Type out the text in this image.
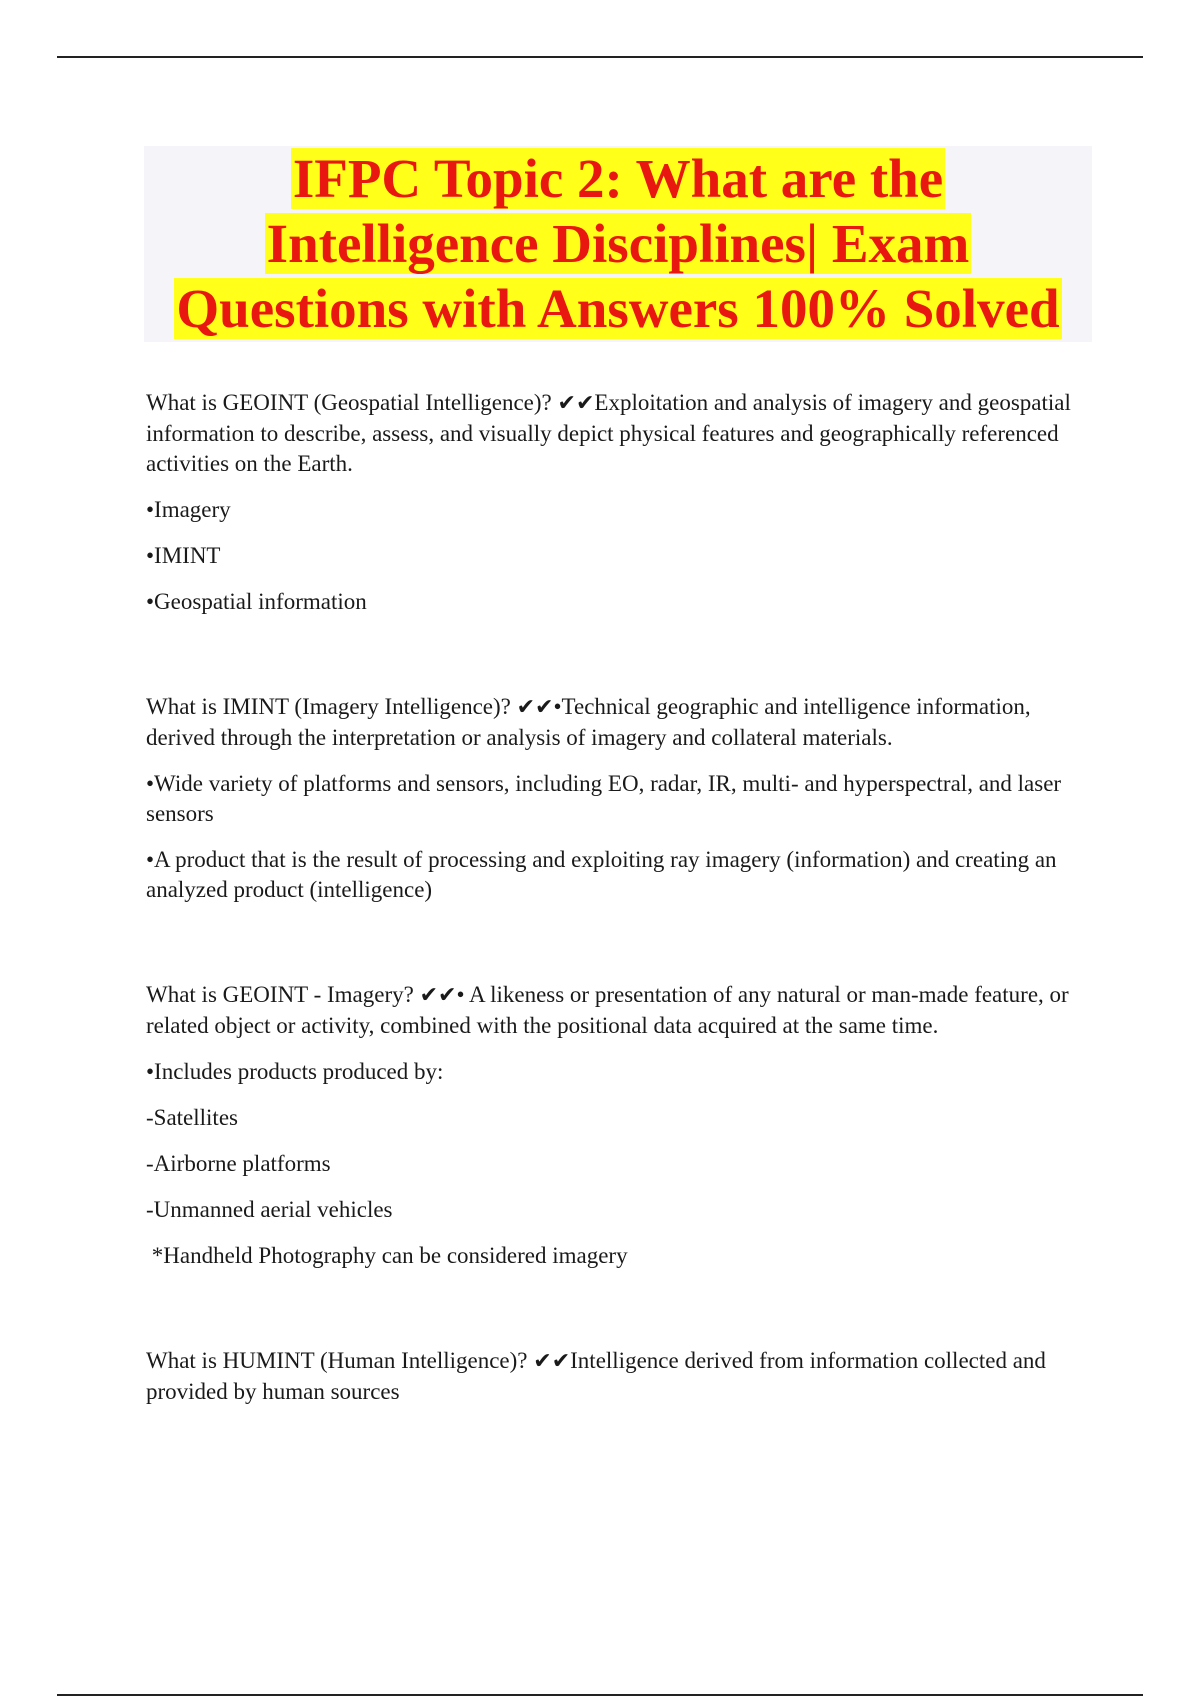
IFPC Topic 2: What are the
Intelligence Disciplines| Exam
Questions with Answers 100% Solved

What is GEOINT (Geospatial Intelligence)? ✔✔Exploitation and analysis of imagery and geospatial information to describe, assess, and visually depict physical features and geographically referenced activities on the Earth.

•Imagery

•IMINT

•Geospatial information

What is IMINT (Imagery Intelligence)? ✔✔•Technical geographic and intelligence information, derived through the interpretation or analysis of imagery and collateral materials.

•Wide variety of platforms and sensors, including EO, radar, IR, multi- and hyperspectral, and laser sensors

•A product that is the result of processing and exploiting ray imagery (information) and creating an analyzed product (intelligence)

What is GEOINT - Imagery? ✔✔• A likeness or presentation of any natural or man-made feature, or related object or activity, combined with the positional data acquired at the same time.

•Includes products produced by:

-Satellites

-Airborne platforms

-Unmanned aerial vehicles

*Handheld Photography can be considered imagery

What is HUMINT (Human Intelligence)? ✔✔Intelligence derived from information collected and provided by human sources
